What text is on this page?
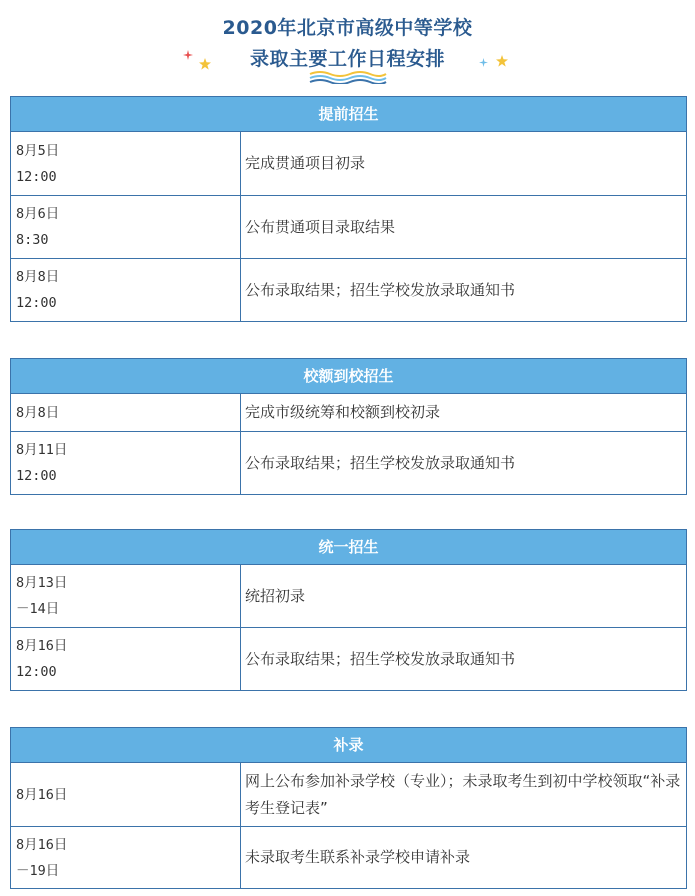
2020年北京市高级中等学校
录取主要工作日程安排
提前招生
8月5日
12:00
完成贯通项目初录
8月6日
8:30
公布贯通项目录取结果
8月8日
12:00
公布录取结果；招生学校发放录取通知书
校额到校招生
8月8日	完成市级统筹和校额到校初录
8月11日
12:00
公布录取结果；招生学校发放录取通知书
统一招生
8月13日
－14日
统招初录
8月16日
12:00
公布录取结果；招生学校发放录取通知书
补录
8月16日
网上公布参加补录学校（专业）；未录取考生到初中学校领取“补录考生登记表”
8月16日
－19日
未录取考生联系补录学校申请补录
